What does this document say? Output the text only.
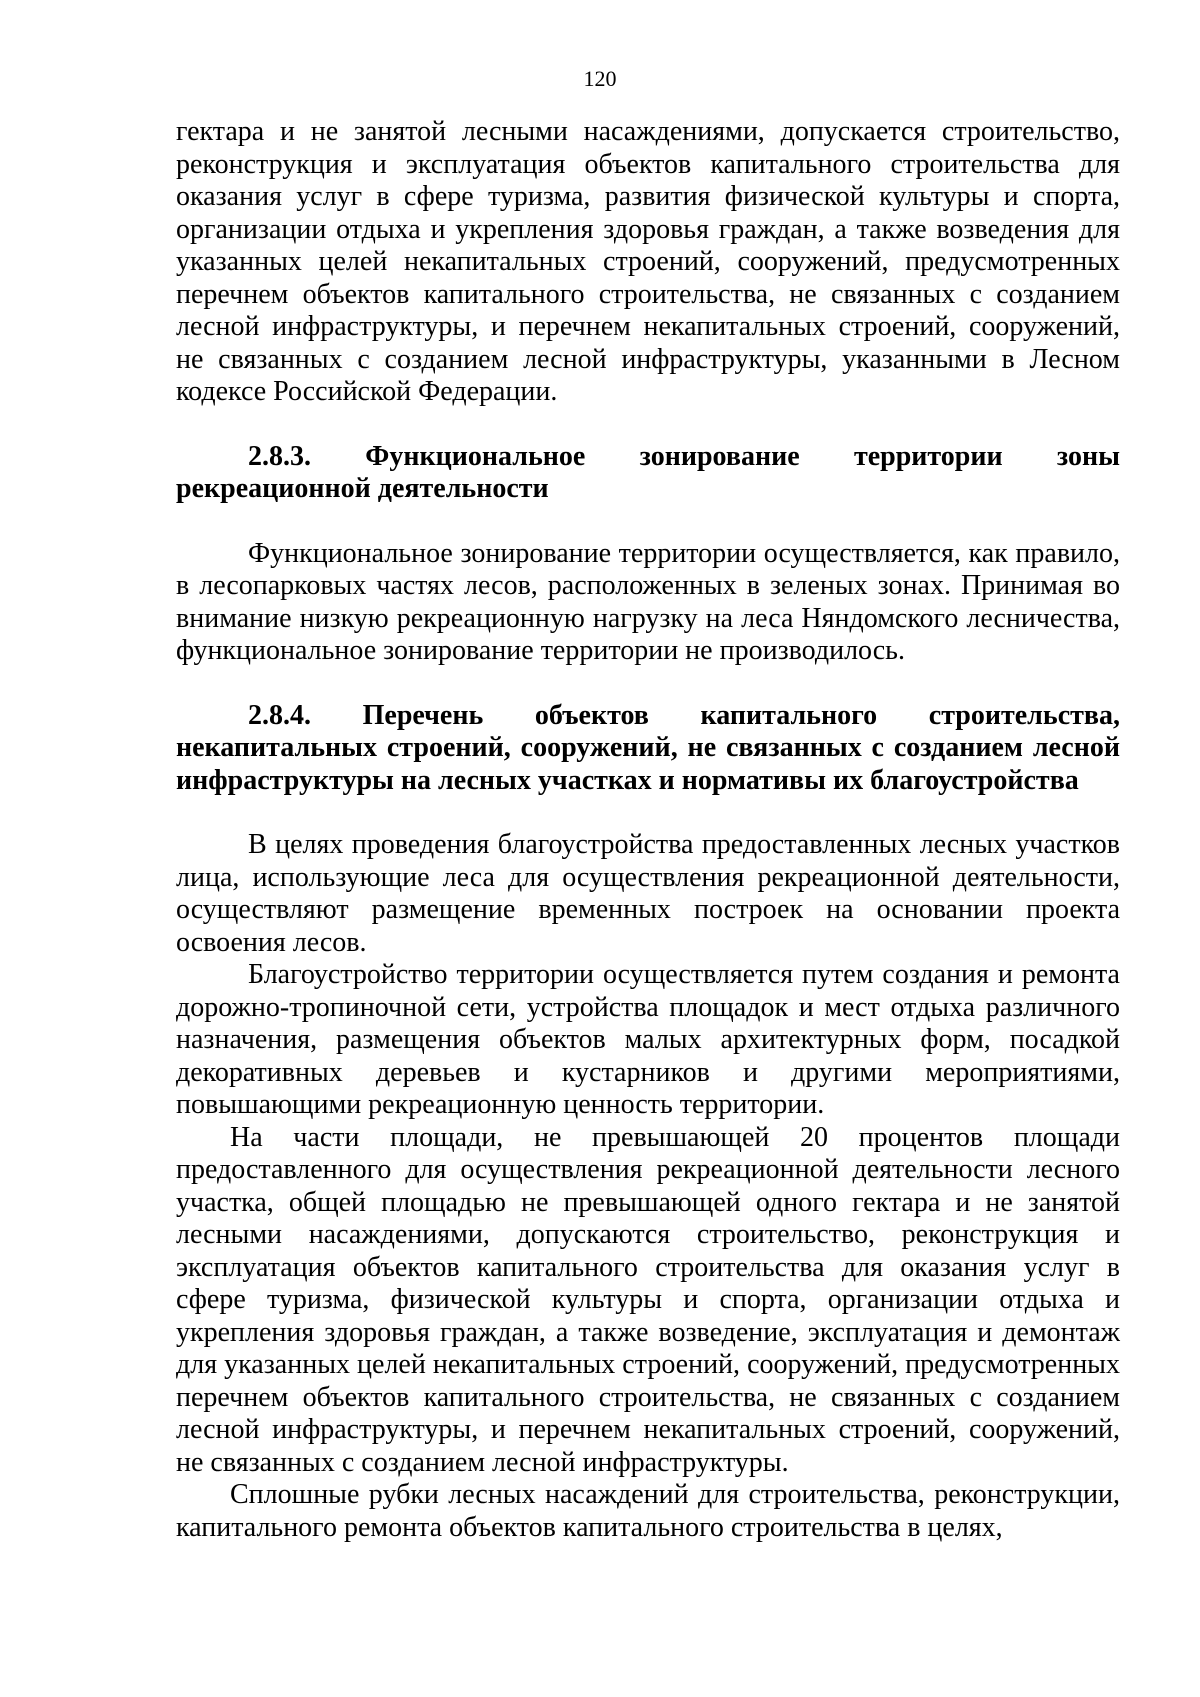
120

гектара и не занятой лесными насаждениями, допускается строительство, реконструкция и эксплуатация объектов капитального строительства для оказания услуг в сфере туризма, развития физической культуры и спорта, организации отдыха и укрепления здоровья граждан, а также возведения для указанных целей некапитальных строений, сооружений, предусмотренных перечнем объектов капитального строительства, не связанных с созданием лесной инфраструктуры, и перечнем некапитальных строений, сооружений, не связанных с созданием лесной инфраструктуры, указанными в Лесном кодексе Российской Федерации.

2.8.3. Функциональное зонирование территории зоны рекреационной деятельности

Функциональное зонирование территории осуществляется, как правило, в лесопарковых частях лесов, расположенных в зеленых зонах. Принимая во внимание низкую рекреационную нагрузку на леса Няндомского лесничества, функциональное зонирование территории не производилось.

2.8.4. Перечень объектов капитального строительства, некапитальных строений, сооружений, не связанных с созданием лесной инфраструктуры на лесных участках и нормативы их благоустройства

В целях проведения благоустройства предоставленных лесных участков лица, использующие леса для осуществления рекреационной деятельности, осуществляют размещение временных построек на основании проекта освоения лесов.

Благоустройство территории осуществляется путем создания и ремонта дорожно-тропиночной сети, устройства площадок и мест отдыха различного назначения, размещения объектов малых архитектурных форм, посадкой декоративных деревьев и кустарников и другими мероприятиями, повышающими рекреационную ценность территории.

На части площади, не превышающей 20 процентов площади предоставленного для осуществления рекреационной деятельности лесного участка, общей площадью не превышающей одного гектара и не занятой лесными насаждениями, допускаются строительство, реконструкция и эксплуатация объектов капитального строительства для оказания услуг в сфере туризма, физической культуры и спорта, организации отдыха и укрепления здоровья граждан, а также возведение, эксплуатация и демонтаж для указанных целей некапитальных строений, сооружений, предусмотренных перечнем объектов капитального строительства, не связанных с созданием лесной инфраструктуры, и перечнем некапитальных строений, сооружений, не связанных с созданием лесной инфраструктуры.

Сплошные рубки лесных насаждений для строительства, реконструкции, капитального ремонта объектов капитального строительства в целях,
